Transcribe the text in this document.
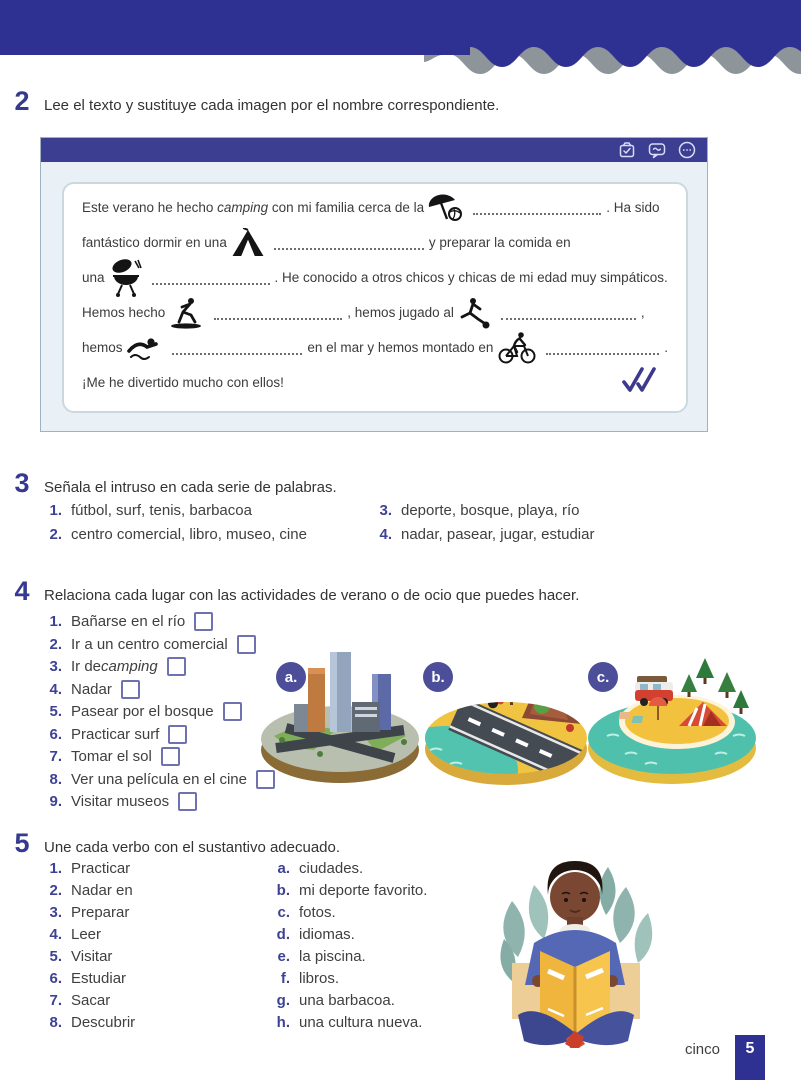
2 Lee el texto y sustituye cada imagen por el nombre correspondiente.
Este verano he hecho camping con mi familia cerca de la	. Ha sido
fantástico dormir en una	y preparar la comida en
una	. He conocido a otros chicos y chicas de mi edad muy simpáticos.
Hemos hecho	, hemos jugado al	,
hemos	en el mar y hemos montado en	.
¡Me he divertido mucho con ellos!
3 Señala el intruso en cada serie de palabras.
1. fútbol, surf, tenis, barbacoa
2. centro comercial, libro, museo, cine
3. deporte, bosque, playa, río
4. nadar, pasear, jugar, estudiar
4 Relaciona cada lugar con las actividades de verano o de ocio que puedes hacer.
1. Bañarse en el río
2. Ir a un centro comercial
3. Ir de camping
4. Nadar
5. Pasear por el bosque
6. Practicar surf
7. Tomar el sol
8. Ver una película en el cine
9. Visitar museos
a.	b.	c.
5 Une cada verbo con el sustantivo adecuado.
1. Practicar
2. Nadar en
3. Preparar
4. Leer
5. Visitar
6. Estudiar
7. Sacar
8. Descubrir
a. ciudades.
b. mi deporte favorito.
c. fotos.
d. idiomas.
e. la piscina.
f. libros.
g. una barbacoa.
h. una cultura nueva.
cinco	5
